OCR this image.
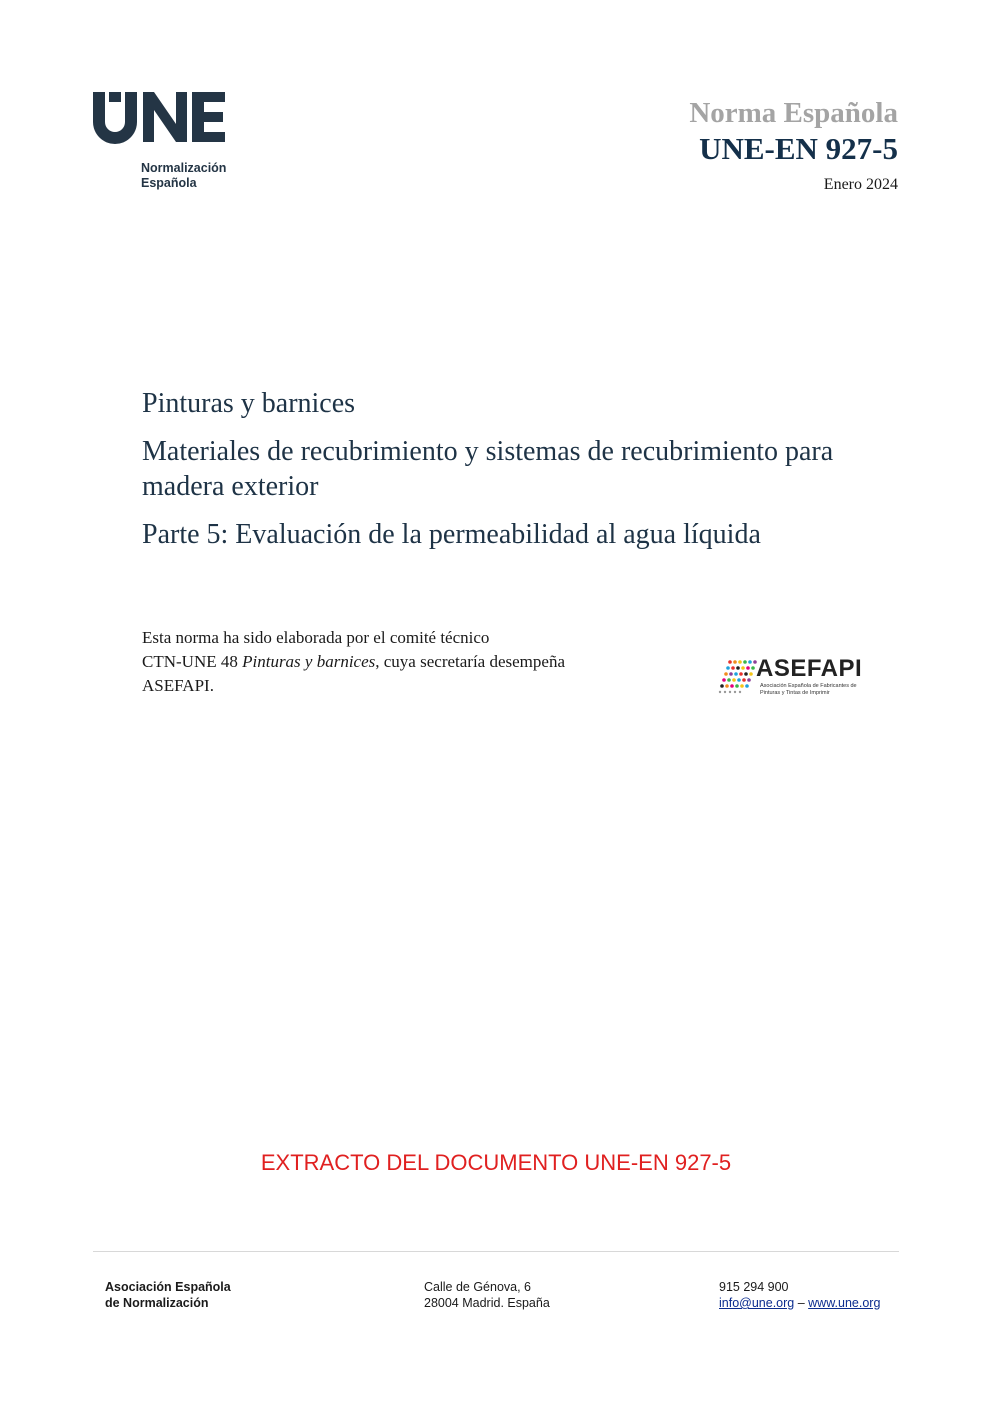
Normalización
Española
Norma Española
UNE-EN 927-5
Enero 2024
Pinturas y barnices
Materiales de recubrimiento y sistemas de recubrimiento para madera exterior
Parte 5: Evaluación de la permeabilidad al agua líquida
Esta norma ha sido elaborada por el comité técnico
CTN-UNE 48 Pinturas y barnices, cuya secretaría desempeña
ASEFAPI.
ASEFAPI
Asociación Española de Fabricantes de Pinturas y Tintas de Imprimir
EXTRACTO DEL DOCUMENTO UNE-EN 927-5
Asociación Española
de Normalización
Calle de Génova, 6
28004 Madrid. España
915 294 900
info@une.org – www.une.org
